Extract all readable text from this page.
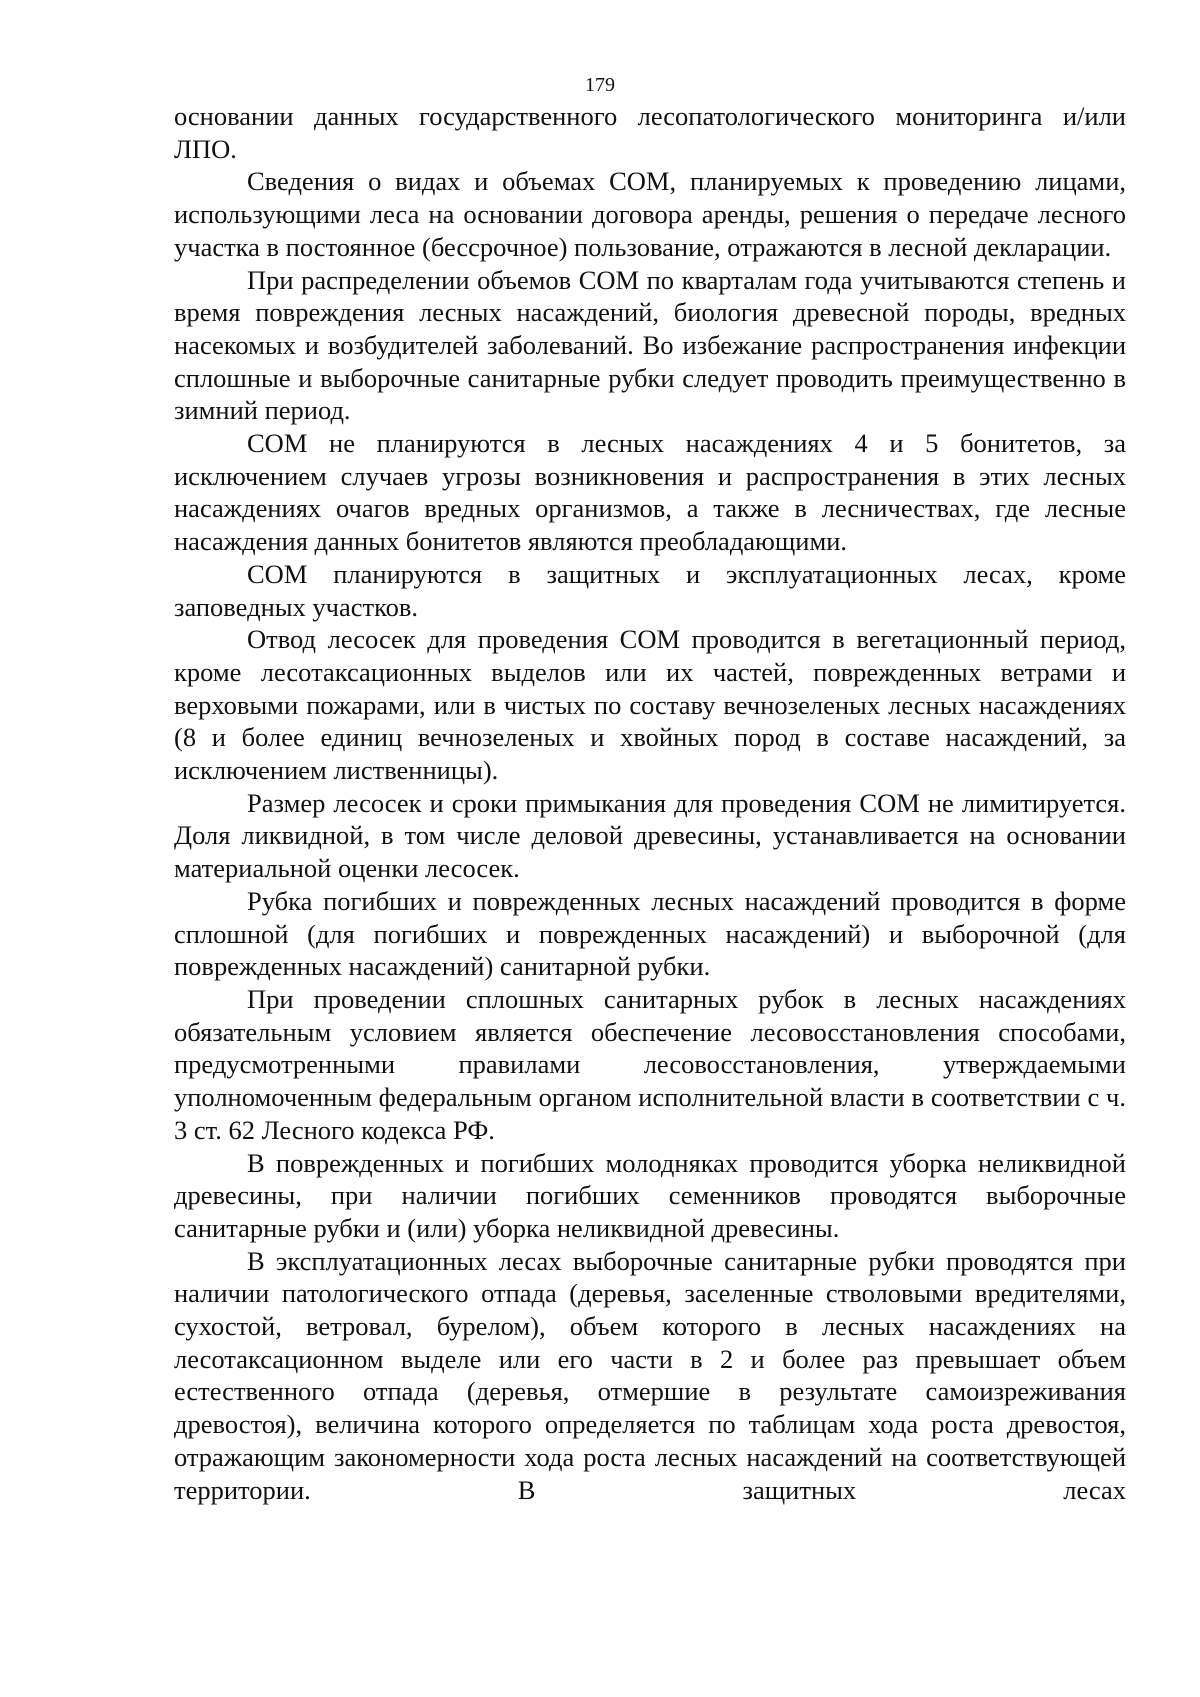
179

основании данных государственного лесопатологического мониторинга и/или ЛПО.

Сведения о видах и объемах СОМ, планируемых к проведению лицами, использующими леса на основании договора аренды, решения о передаче лесного участка в постоянное (бессрочное) пользование, отражаются в лесной декларации.

При распределении объемов СОМ по кварталам года учитываются степень и время повреждения лесных насаждений, биология древесной породы, вредных насекомых и возбудителей заболеваний. Во избежание распространения инфекции сплошные и выборочные санитарные рубки следует проводить преимущественно в зимний период.

СОМ не планируются в лесных насаждениях 4 и 5 бонитетов, за исключением случаев угрозы возникновения и распространения в этих лесных насаждениях очагов вредных организмов, а также в лесничествах, где лесные насаждения данных бонитетов являются преобладающими.

СОМ планируются в защитных и эксплуатационных лесах, кроме заповедных участков.

Отвод лесосек для проведения СОМ проводится в вегетационный период, кроме лесотаксационных выделов или их частей, поврежденных ветрами и верховыми пожарами, или в чистых по составу вечнозеленых лесных насаждениях (8 и более единиц вечнозеленых и хвойных пород в составе насаждений, за исключением лиственницы).

Размер лесосек и сроки примыкания для проведения СОМ не лимитируется. Доля ликвидной, в том числе деловой древесины, устанавливается на основании материальной оценки лесосек.

Рубка погибших и поврежденных лесных насаждений проводится в форме сплошной (для погибших и поврежденных насаждений) и выборочной (для поврежденных насаждений) санитарной рубки.

При проведении сплошных санитарных рубок в лесных насаждениях обязательным условием является обеспечение лесовосстановления способами, предусмотренными правилами лесовосстановления, утверждаемыми уполномоченным федеральным органом исполнительной власти в соответствии с ч. 3 ст. 62 Лесного кодекса РФ.

В поврежденных и погибших молодняках проводится уборка неликвидной древесины, при наличии погибших семенников проводятся выборочные санитарные рубки и (или) уборка неликвидной древесины.

В эксплуатационных лесах выборочные санитарные рубки проводятся при наличии патологического отпада (деревья, заселенные стволовыми вредителями, сухостой, ветровал, бурелом), объем которого в лесных насаждениях на лесотаксационном выделе или его части в 2 и более раз превышает объем естественного отпада (деревья, отмершие в результате самоизреживания древостоя), величина которого определяется по таблицам хода роста древостоя, отражающим закономерности хода роста лесных насаждений на соответствующей территории. В защитных лесах
